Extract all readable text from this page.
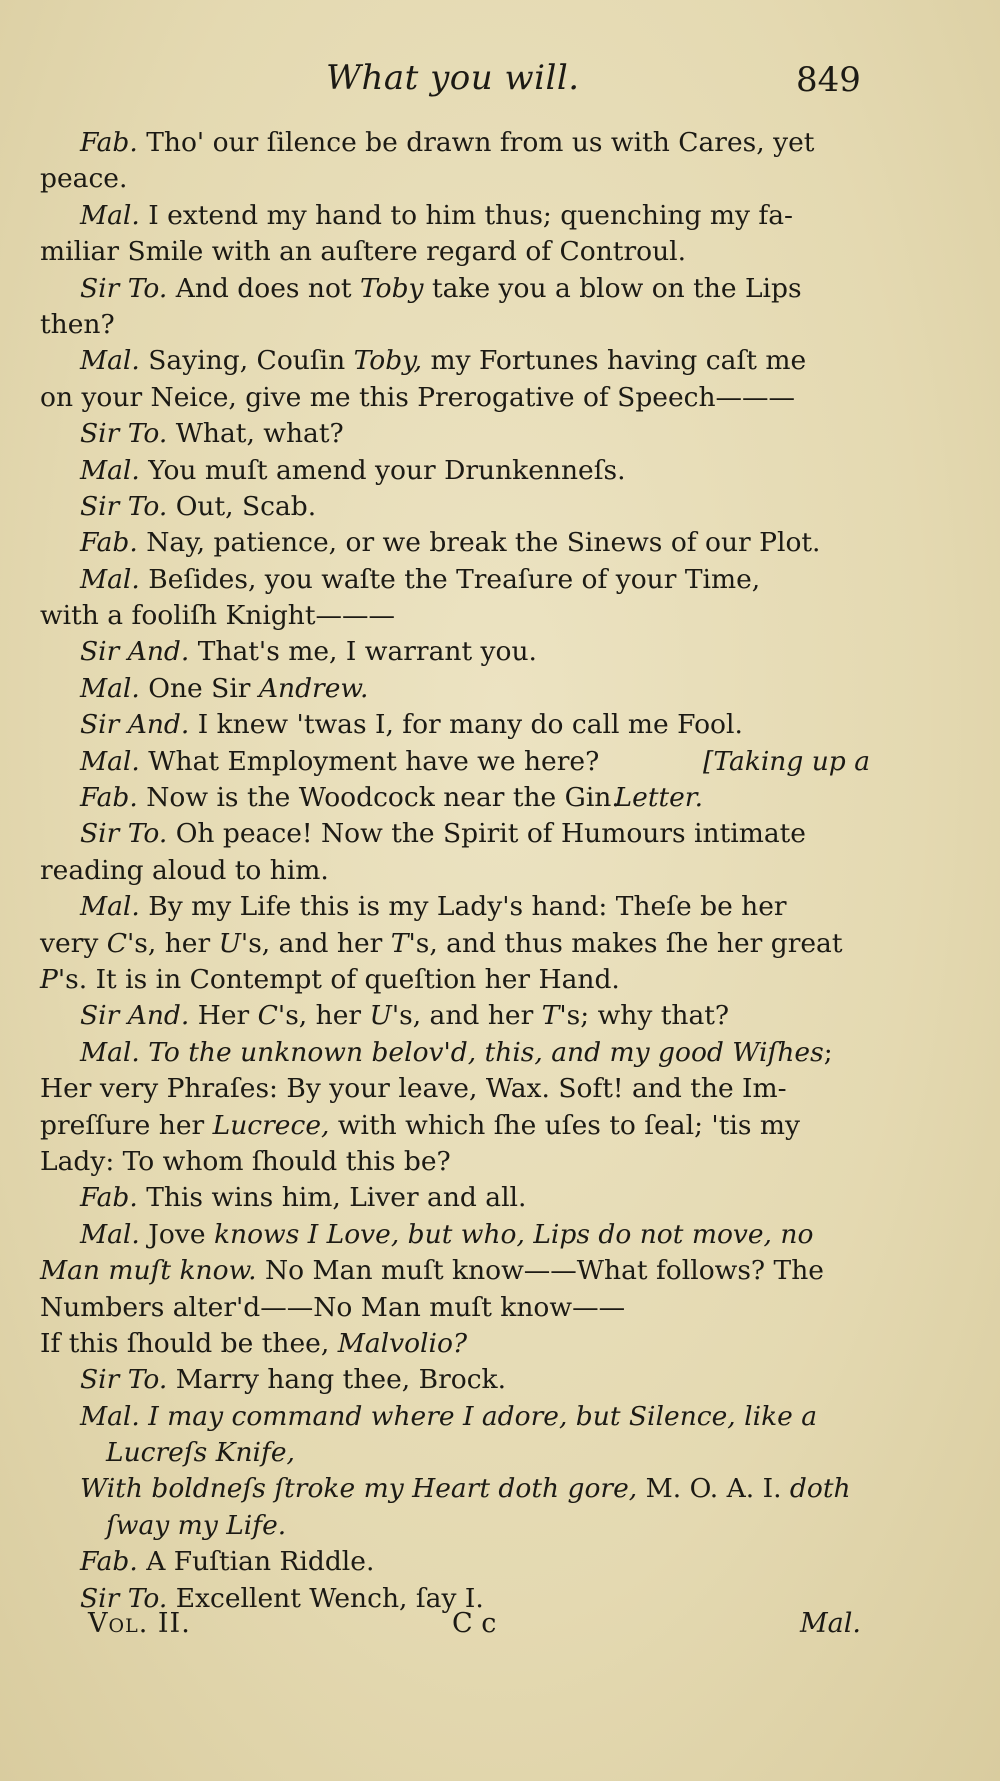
What you will.	849
Fab. Tho' our ſilence be drawn from us with Cares, yet
peace.
Mal. I extend my hand to him thus; quenching my fa-
miliar Smile with an auſtere regard of Controul.
Sir To. And does not Toby take you a blow on the Lips
then?
Mal. Saying, Couſin Toby, my Fortunes having caſt me
on your Neice, give me this Prerogative of Speech———
Sir To. What, what?
Mal. You muſt amend your Drunkenneſs.
Sir To. Out, Scab.
Fab. Nay, patience, or we break the Sinews of our Plot.
Mal. Beſides, you waſte the Treaſure of your Time,
with a fooliſh Knight———
Sir And. That's me, I warrant you.
Mal. One Sir Andrew.
Sir And. I knew 'twas I, for many do call me Fool.
[Taking up a
Mal. What Employment have we here?
Letter.
Fab. Now is the Woodcock near the Gin.
Sir To. Oh peace! Now the Spirit of Humours intimate
reading aloud to him.
Mal. By my Life this is my Lady's hand: Theſe be her
very C's, her U's, and her T's, and thus makes ſhe her great
P's. It is in Contempt of queſtion her Hand.
Sir And. Her C's, her U's, and her T's; why that?
Mal. To the unknown belov'd, this, and my good Wiſhes;
Her very Phraſes: By your leave, Wax. Soft! and the Im-
preſſure her Lucrece, with which ſhe uſes to ſeal; 'tis my
Lady: To whom ſhould this be?
Fab. This wins him, Liver and all.
Mal. Jove knows I Love, but who, Lips do not move, no
Man muſt know. No Man muſt know——What follows? The
Numbers alter'd——No Man muſt know——
If this ſhould be thee, Malvolio?
Sir To. Marry hang thee, Brock.
Mal. I may command where I adore, but Silence, like a
Lucreſs Knife,
With boldneſs ſtroke my Heart doth gore, M. O. A. I. doth
ſway my Life.
Fab. A Fuſtian Riddle.
Sir To. Excellent Wench, ſay I.
Vol. II.	C c	Mal.
